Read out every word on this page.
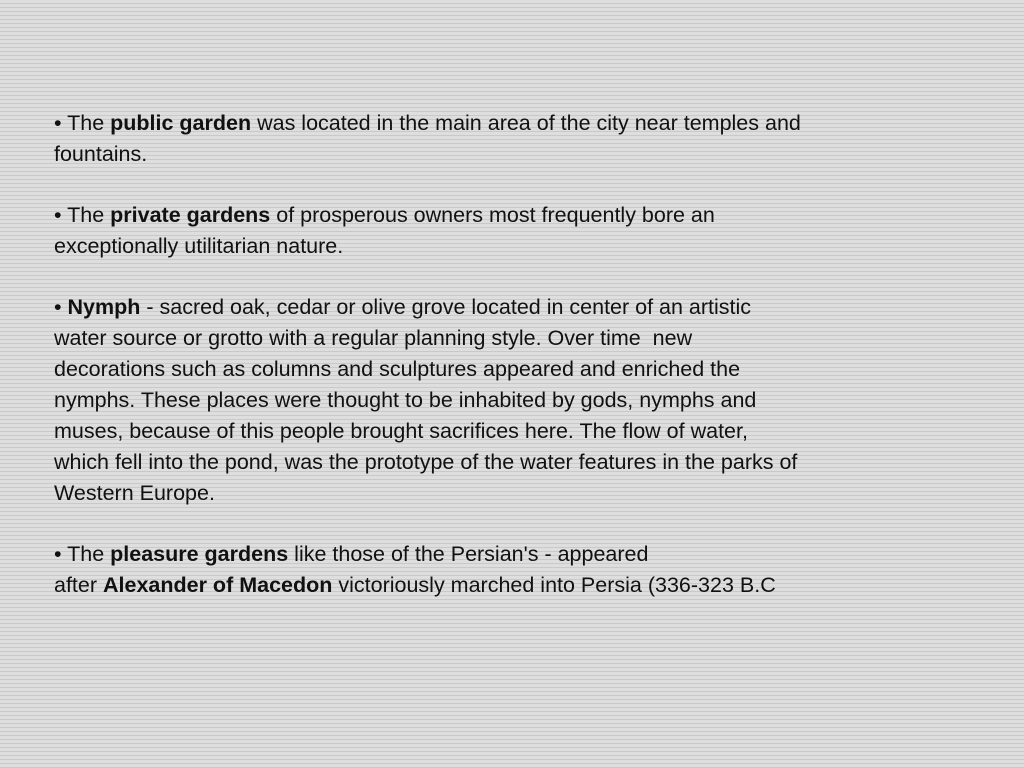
• The public garden was located in the main area of the city near temples and
fountains.
• The private gardens of prosperous owners most frequently bore an
exceptionally utilitarian nature.
• Nymph - sacred oak, cedar or olive grove located in center of an artistic
water source or grotto with a regular planning style. Over time  new
decorations such as columns and sculptures appeared and enriched the
nymphs. These places were thought to be inhabited by gods, nymphs and
muses, because of this people brought sacrifices here. The flow of water,
which fell into the pond, was the prototype of the water features in the parks of
Western Europe.
• The pleasure gardens like those of the Persian's - appeared
after Alexander of Macedon victoriously marched into Persia (336-323 B.C
